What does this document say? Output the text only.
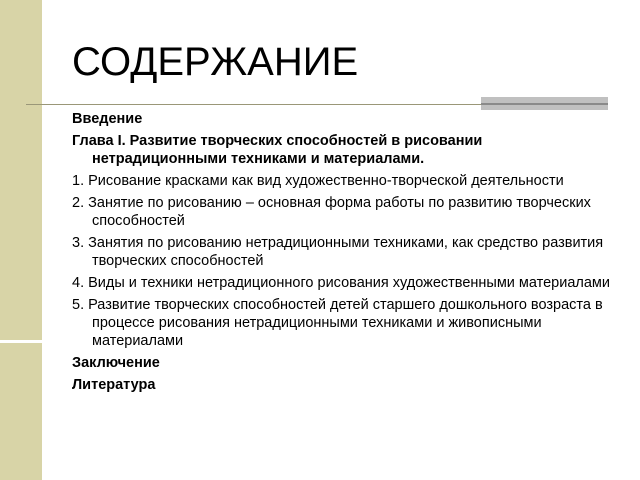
СОДЕРЖАНИЕ
Введение
Глава I. Развитие творческих способностей в рисовании нетрадиционными техниками и материалами.
1. Рисование красками как вид художественно-творческой деятельности
2. Занятие по рисованию – основная форма работы по развитию творческих способностей
3. Занятия по рисованию нетрадиционными техниками, как средство развития творческих способностей
4. Виды и техники нетрадиционного рисования художественными материалами
5. Развитие творческих способностей детей старшего дошкольного возраста в процессе рисования нетрадиционными техниками и живописными материалами
Заключение
Литература
